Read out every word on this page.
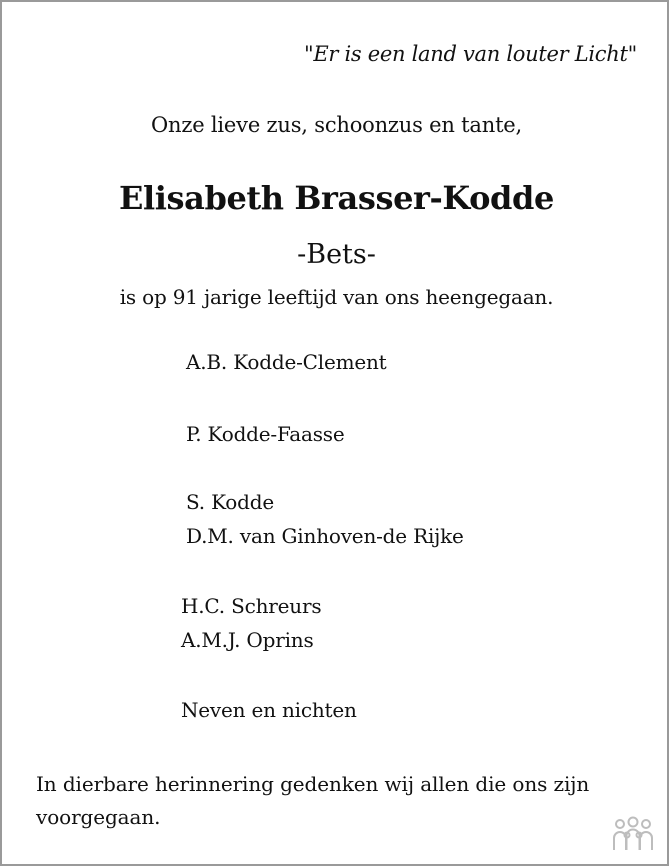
"Er is een land van louter Licht"

Onze lieve zus, schoonzus en tante,

Elisabeth Brasser-Kodde

-Bets-

is op 91 jarige leeftijd van ons heengegaan.

A.B. Kodde-Clement

P. Kodde-Faasse

S. Kodde

D.M. van Ginhoven-de Rijke

H.C. Schreurs

A.M.J. Oprins

Neven en nichten

In dierbare herinnering gedenken wij allen die ons zijn voorgegaan.
